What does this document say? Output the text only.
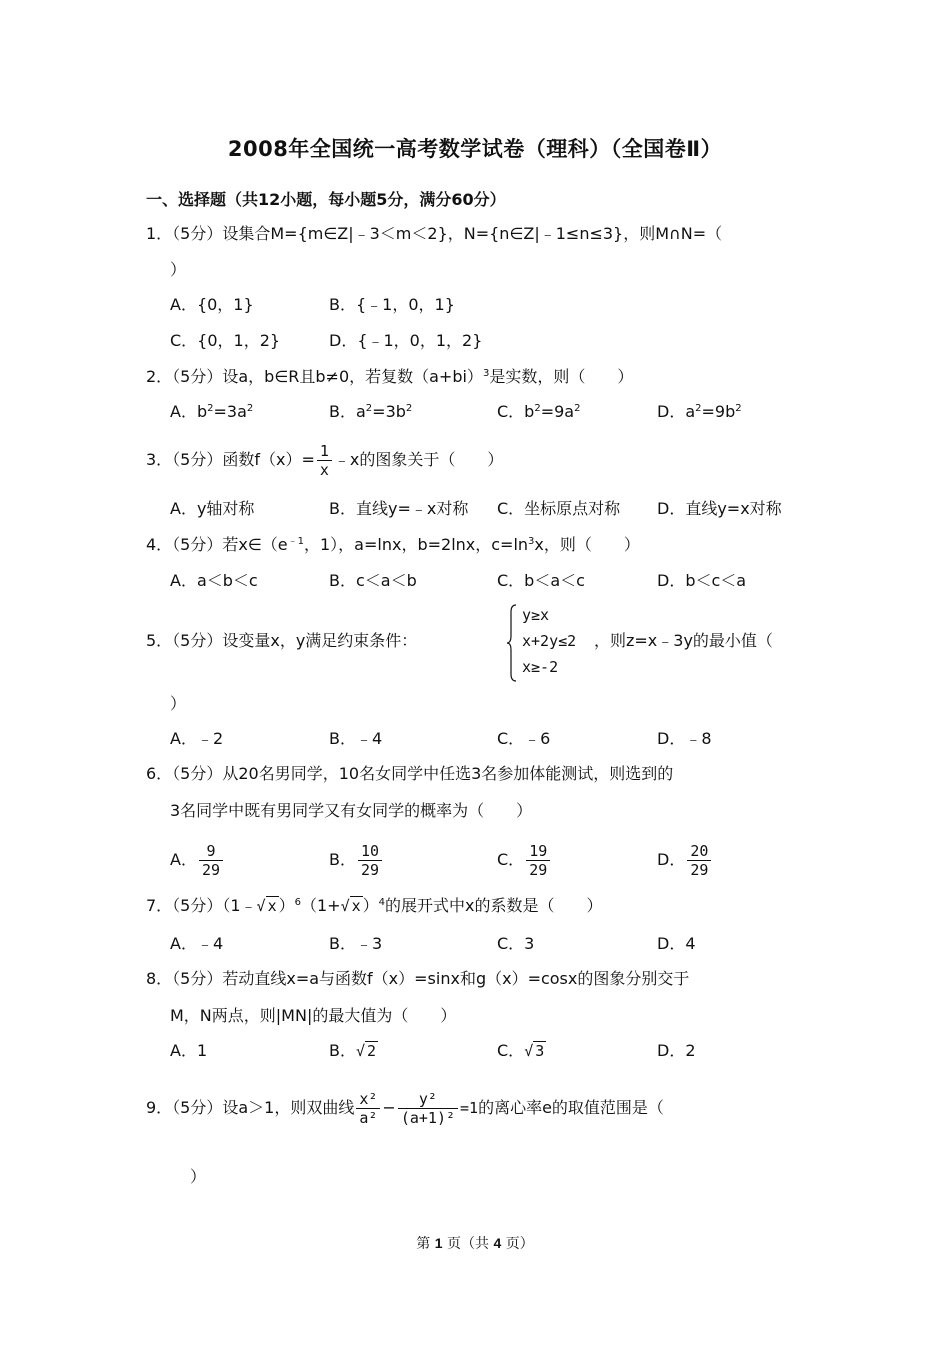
2008年全国统一高考数学试卷（理科）（全国卷Ⅱ）
一、选择题（共12小题，每小题5分，满分60分）
1．（5分）设集合M={m∈Z|﹣3＜m＜2}，N={n∈Z|﹣1≤n≤3}，则M∩N=（
）
A．{0，1}	B．{﹣1，0，1}
C．{0，1，2}	D．{﹣1，0，1，2}
2．（5分）设a，b∈R且b≠0，若复数$(a+bi)^3$是实数，则（　　）
A．$b^2=3a^2$	B．$a^2=3b^2$	C．$b^2=9a^2$	D．$a^2=9b^2$
3．（5分）函数$f(x)= \frac{1}{x}$ ﹣x的图象关于（　　）
A．y轴对称	B．直线y=﹣x对称 C．坐标原点对称 D．直线y=x对称
4．（5分）若$x\in(e^{﹣1}$，1），a=lnx，b=2lnx，$c=\ln^3x$，则（　　）
A．a＜b＜c	B．c＜a＜b	C．b＜a＜c	D．b＜c＜a
5．（5分）设变量x，y满足约束条件：
y≥x
x+2y≤2
x≥-2
，则z=x﹣3y的最小值（
）
A．﹣2	B．﹣4	C．﹣6	D．﹣8
6．（5分）从20名男同学，10名女同学中任选3名参加体能测试，则选到的
3名同学中既有男同学又有女同学的概率为（　　）
A． $\frac{9}{29}$	B． $\frac{10}{29}$	C． $\frac{19}{29}$	D． $\frac{20}{29}$
7．（5分）（1﹣√ x ）$^6$（1+√ x ）$^4$的展开式中x的系数是（　　）
A．﹣4	B．﹣3	C．3	D．4
8．（5分）若动直线x=a与函数f（x）=sinx和g（x）=cosx的图象分别交于
M，N两点，则|MN|的最大值为（　　）
A．1	B．√ 2	C．√ 3	D．2
9．（5分）设a＞1，则双曲线 $\frac{\text{x²}}{\text{a²}} - \frac{\text{y²}}{\text{(a+1)²}} =1$的离心率e的取值范围是（
）
第 1 页（共 4 页）
